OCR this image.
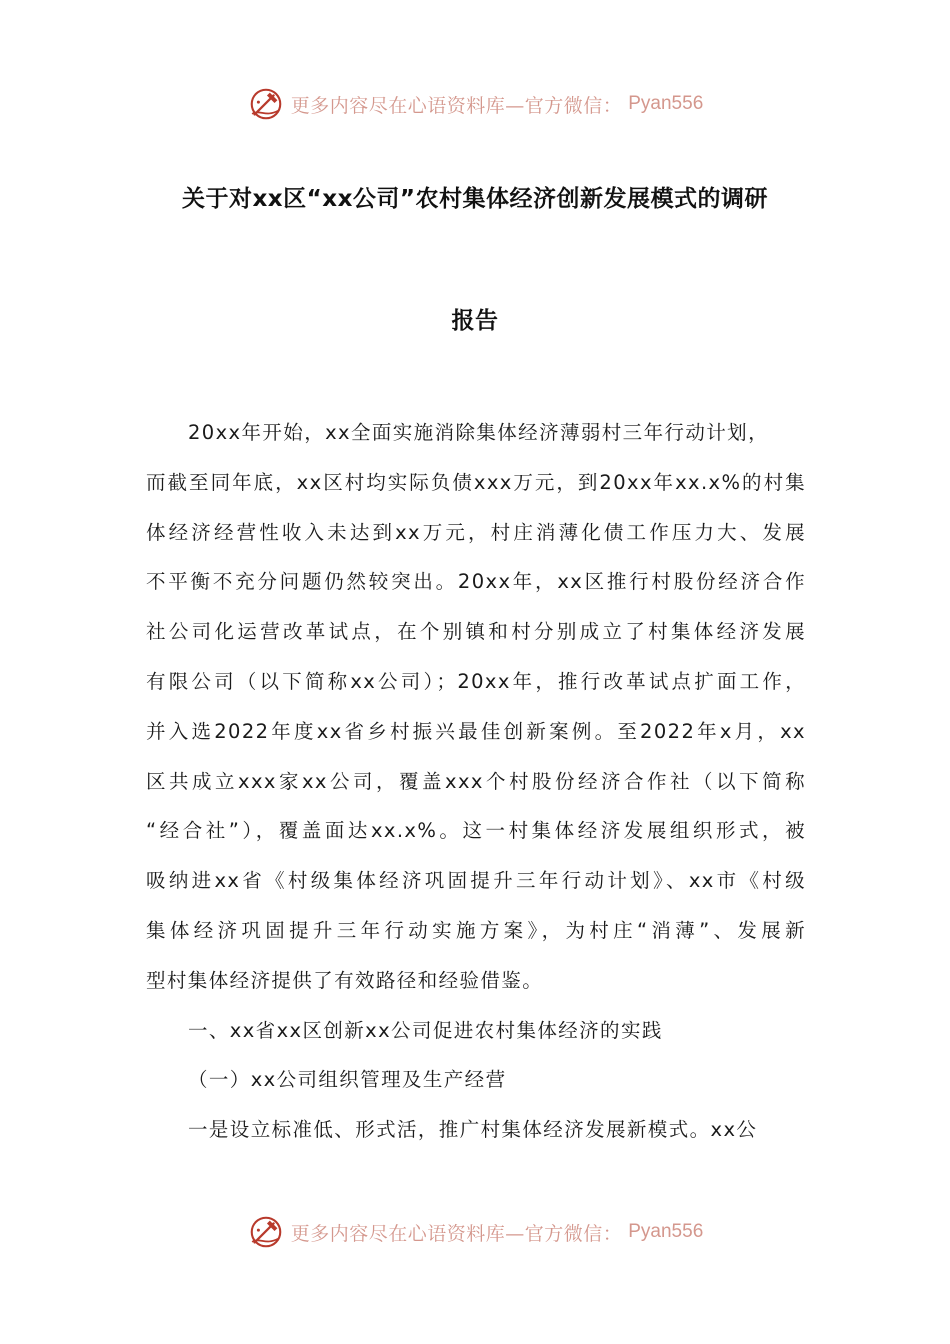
更多内容尽在心语资料库—官方微信： Pyan556
关于对xx区“xx公司”农村集体经济创新发展模式的调研
报告
20xx年开始，xx全面实施消除集体经济薄弱村三年行动计划，
而截至同年底，xx区村均实际负债xxx万元，到20xx年xx.x%的村集
体经济经营性收入未达到xx万元，村庄消薄化债工作压力大、发展
不平衡不充分问题仍然较突出。20xx年，xx区推行村股份经济合作
社公司化运营改革试点，在个别镇和村分别成立了村集体经济发展
有限公司（以下简称xx公司）；20xx年，推行改革试点扩面工作，
并入选2022年度xx省乡村振兴最佳创新案例。至2022年x月，xx
区共成立xxx家xx公司，覆盖xxx个村股份经济合作社（以下简称
“经合社”），覆盖面达xx.x%。这一村集体经济发展组织形式，被
吸纳进xx省《村级集体经济巩固提升三年行动计划》、xx市《村级
集体经济巩固提升三年行动实施方案》，为村庄“消薄”、发展新
型村集体经济提供了有效路径和经验借鉴。
一、xx省xx区创新xx公司促进农村集体经济的实践
（一）xx公司组织管理及生产经营
一是设立标准低、形式活，推广村集体经济发展新模式。xx公
更多内容尽在心语资料库—官方微信： Pyan556
